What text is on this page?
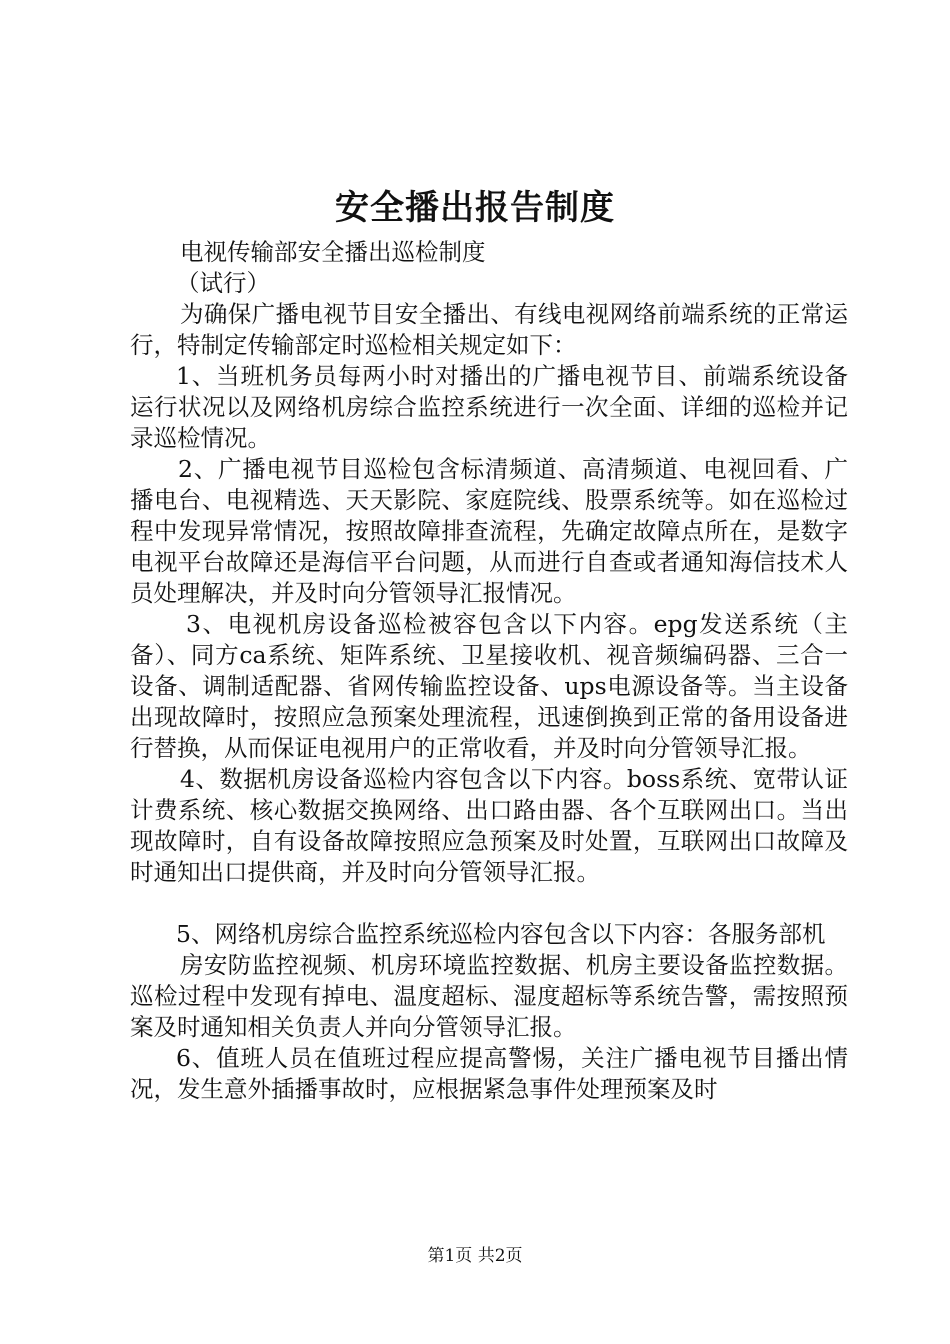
安全播出报告制度

电视传输部安全播出巡检制度

（试行）

为确保广播电视节目安全播出、有线电视网络前端系统的正常运行，特制定传输部定时巡检相关规定如下：

1、当班机务员每两小时对播出的广播电视节目、前端系统设备运行状况以及网络机房综合监控系统进行一次全面、详细的巡检并记录巡检情况。

2、广播电视节目巡检包含标清频道、高清频道、电视回看、广播电台、电视精选、天天影院、家庭院线、股票系统等。如在巡检过程中发现异常情况，按照故障排查流程，先确定故障点所在，是数字电视平台故障还是海信平台问题，从而进行自查或者通知海信技术人员处理解决，并及时向分管领导汇报情况。

3、电视机房设备巡检被容包含以下内容。epg发送系统（主备）、同方ca系统、矩阵系统、卫星接收机、视音频编码器、三合一设备、调制适配器、省网传输监控设备、ups电源设备等。当主设备出现故障时，按照应急预案处理流程，迅速倒换到正常的备用设备进行替换，从而保证电视用户的正常收看，并及时向分管领导汇报。

4、数据机房设备巡检内容包含以下内容。boss系统、宽带认证计费系统、核心数据交换网络、出口路由器、各个互联网出口。当出现故障时，自有设备故障按照应急预案及时处置，互联网出口故障及时通知出口提供商，并及时向分管领导汇报。

5、网络机房综合监控系统巡检内容包含以下内容：各服务部机

房安防监控视频、机房环境监控数据、机房主要设备监控数据。巡检过程中发现有掉电、温度超标、湿度超标等系统告警，需按照预案及时通知相关负责人并向分管领导汇报。

6、值班人员在值班过程应提高警惕，关注广播电视节目播出情况，发生意外插播事故时，应根据紧急事件处理预案及时

第1页 共2页
